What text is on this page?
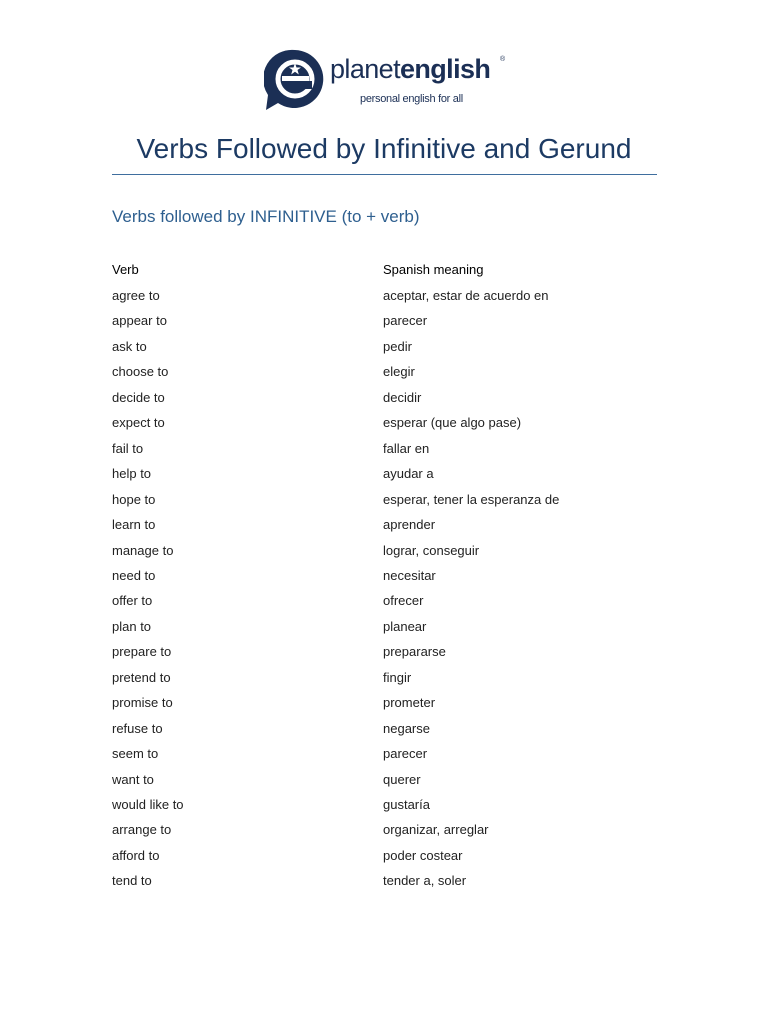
planetenglish ®
personal english for all
Verbs Followed by Infinitive and Gerund
Verbs followed by INFINITIVE (to + verb)
Verb	Spanish meaning
agree to	aceptar, estar de acuerdo en
appear to	parecer
ask to	pedir
choose to	elegir
decide to	decidir
expect to	esperar (que algo pase)
fail to	fallar en
help to	ayudar a
hope to	esperar, tener la esperanza de
learn to	aprender
manage to	lograr, conseguir
need to	necesitar
offer to	ofrecer
plan to	planear
prepare to	prepararse
pretend to	fingir
promise to	prometer
refuse to	negarse
seem to	parecer
want to	querer
would like to	gustaría
arrange to	organizar, arreglar
afford to	poder costear
tend to	tender a, soler
